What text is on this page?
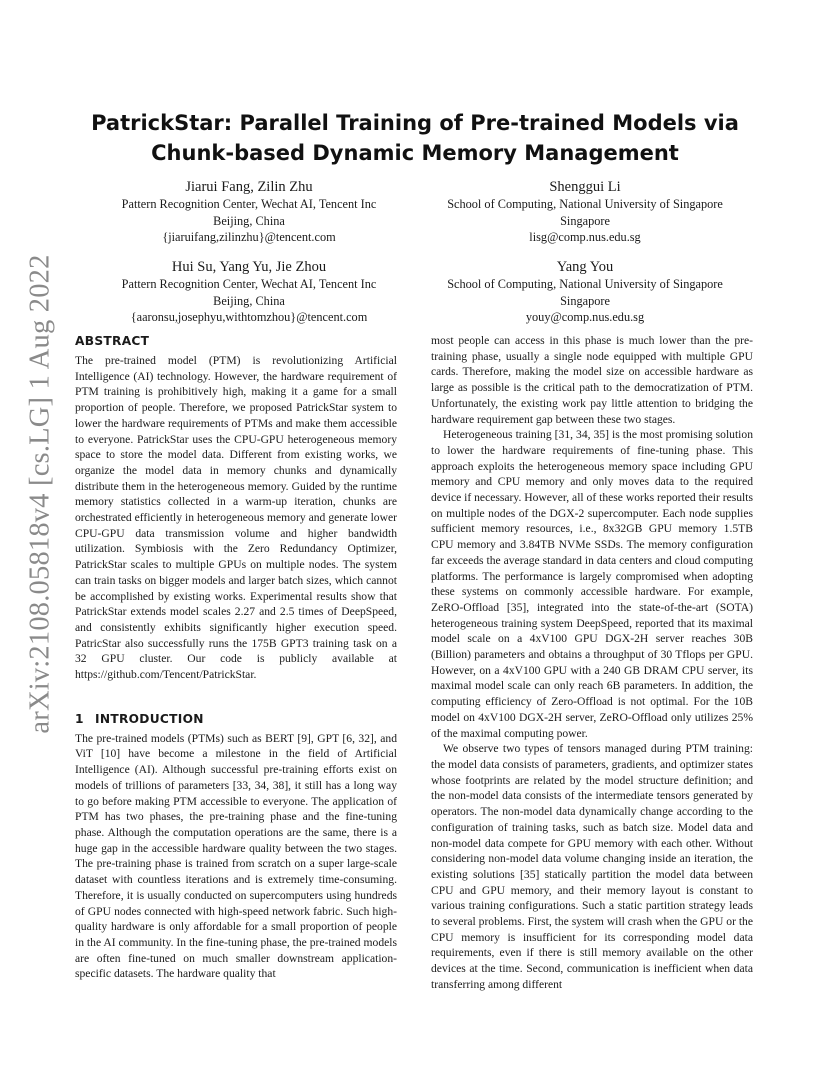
arXiv:2108.05818v4 [cs.LG] 1 Aug 2022
PatrickStar: Parallel Training of Pre-trained Models via
Chunk-based Dynamic Memory Management
Jiarui Fang, Zilin Zhu
Pattern Recognition Center, Wechat AI, Tencent Inc
Beijing, China
{jiaruifang,zilinzhu}@tencent.com
Shenggui Li
School of Computing, National University of Singapore
Singapore
lisg@comp.nus.edu.sg
Hui Su, Yang Yu, Jie Zhou
Pattern Recognition Center, Wechat AI, Tencent Inc
Beijing, China
{aaronsu,josephyu,withtomzhou}@tencent.com
Yang You
School of Computing, National University of Singapore
Singapore
youy@comp.nus.edu.sg
ABSTRACT

The pre-trained model (PTM) is revolutionizing Artificial Intelligence (AI) technology. However, the hardware requirement of PTM training is prohibitively high, making it a game for a small proportion of people. Therefore, we proposed PatrickStar system to lower the hardware requirements of PTMs and make them accessible to everyone. PatrickStar uses the CPU-GPU heterogeneous memory space to store the model data. Different from existing works, we organize the model data in memory chunks and dynamically distribute them in the heterogeneous memory. Guided by the runtime memory statistics collected in a warm-up iteration, chunks are orchestrated efficiently in heterogeneous memory and generate lower CPU-GPU data transmission volume and higher bandwidth utilization. Symbiosis with the Zero Redundancy Optimizer, PatrickStar scales to multiple GPUs on multiple nodes. The system can train tasks on bigger models and larger batch sizes, which cannot be accomplished by existing works. Experimental results show that PatrickStar extends model scales 2.27 and 2.5 times of DeepSpeed, and consistently exhibits significantly higher execution speed. PatricStar also successfully runs the 175B GPT3 training task on a 32 GPU cluster. Our code is publicly available at https://github.com/Tencent/PatrickStar.

1 INTRODUCTION

The pre-trained models (PTMs) such as BERT [9], GPT [6, 32], and ViT [10] have become a milestone in the field of Artificial Intelligence (AI). Although successful pre-training efforts exist on models of trillions of parameters [33, 34, 38], it still has a long way to go before making PTM accessible to everyone. The application of PTM has two phases, the pre-training phase and the fine-tuning phase. Although the computation operations are the same, there is a huge gap in the accessible hardware quality between the two stages. The pre-training phase is trained from scratch on a super large-scale dataset with countless iterations and is extremely time-consuming. Therefore, it is usually conducted on supercomputers using hundreds of GPU nodes connected with high-speed network fabric. Such high-quality hardware is only affordable for a small proportion of people in the AI community. In the fine-tuning phase, the pre-trained models are often fine-tuned on much smaller downstream application-specific datasets. The hardware quality that

most people can access in this phase is much lower than the pre-training phase, usually a single node equipped with multiple GPU cards. Therefore, making the model size on accessible hardware as large as possible is the critical path to the democratization of PTM. Unfortunately, the existing work pay little attention to bridging the hardware requirement gap between these two stages.

Heterogeneous training [31, 34, 35] is the most promising solution to lower the hardware requirements of fine-tuning phase. This approach exploits the heterogeneous memory space including GPU memory and CPU memory and only moves data to the required device if necessary. However, all of these works reported their results on multiple nodes of the DGX-2 supercomputer. Each node supplies sufficient memory resources, i.e., 8x32GB GPU memory 1.5TB CPU memory and 3.84TB NVMe SSDs. The memory configuration far exceeds the average standard in data centers and cloud computing platforms. The performance is largely compromised when adopting these systems on commonly accessible hardware. For example, ZeRO-Offload [35], integrated into the state-of-the-art (SOTA) heterogeneous training system DeepSpeed, reported that its maximal model scale on a 4xV100 GPU DGX-2H server reaches 30B (Billion) parameters and obtains a throughput of 30 Tflops per GPU. However, on a 4xV100 GPU with a 240 GB DRAM CPU server, its maximal model scale can only reach 6B parameters. In addition, the computing efficiency of Zero-Offload is not optimal. For the 10B model on 4xV100 DGX-2H server, ZeRO-Offload only utilizes 25% of the maximal computing power.

We observe two types of tensors managed during PTM training: the model data consists of parameters, gradients, and optimizer states whose footprints are related by the model structure definition; and the non-model data consists of the intermediate tensors generated by operators. The non-model data dynamically change according to the configuration of training tasks, such as batch size. Model data and non-model data compete for GPU memory with each other. Without considering non-model data volume changing inside an iteration, the existing solutions [35] statically partition the model data between CPU and GPU memory, and their memory layout is constant to various training configurations. Such a static partition strategy leads to several problems. First, the system will crash when the GPU or the CPU memory is insufficient for its corresponding model data requirements, even if there is still memory available on the other devices at the time. Second, communication is inefficient when data transferring among different
